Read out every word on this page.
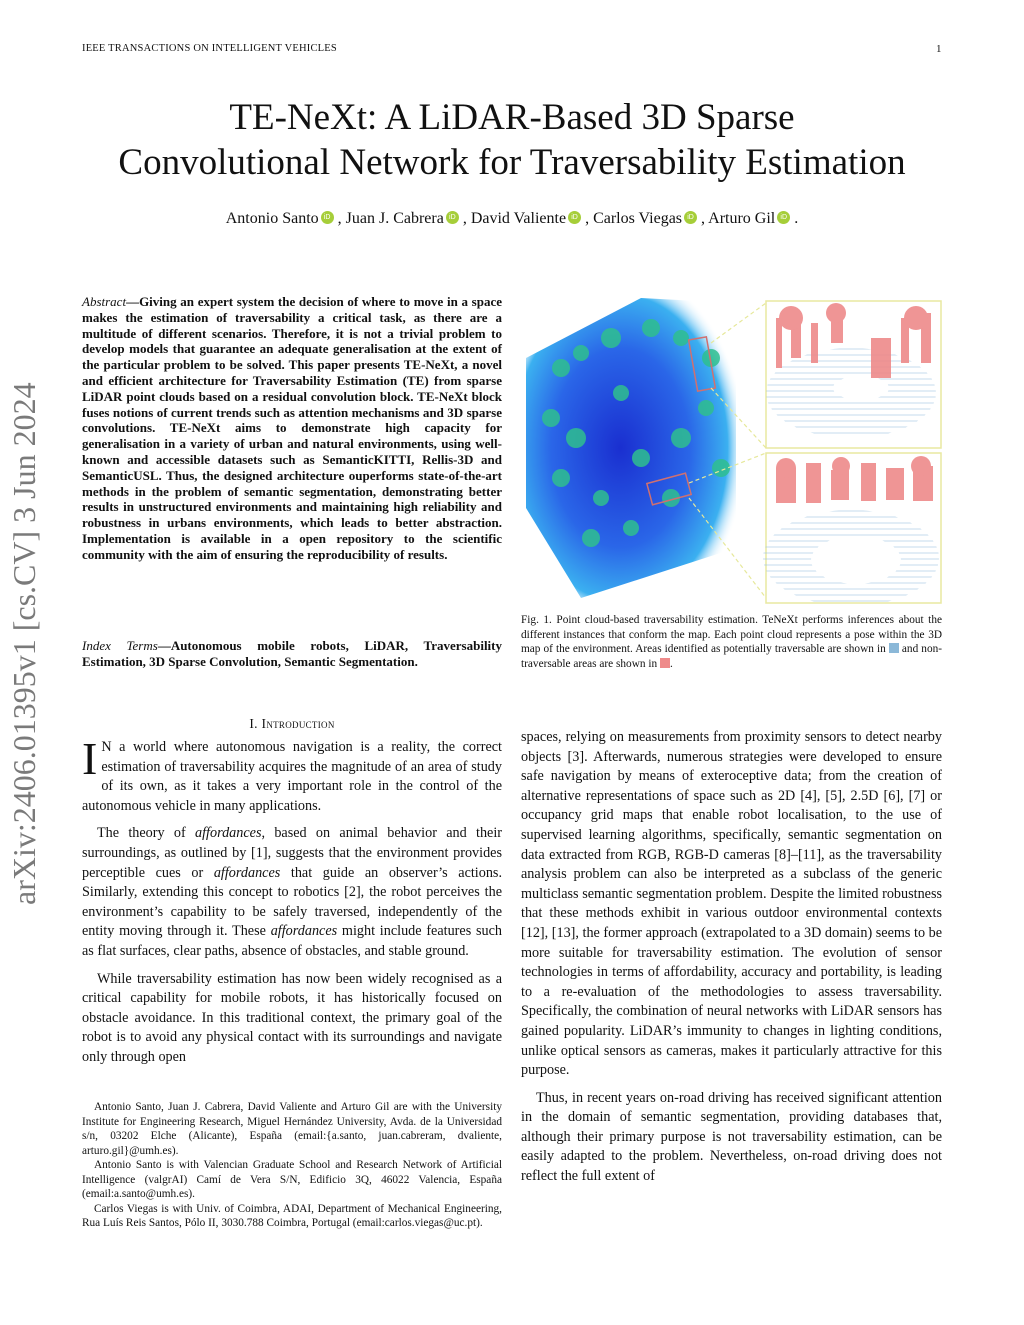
IEEE TRANSACTIONS ON INTELLIGENT VEHICLES	1
TE-NeXt: A LiDAR-Based 3D Sparse
Convolutional Network for Traversability Estimation
Antonio Santo iD , Juan J. Cabrera iD , David Valiente iD , Carlos Viegas iD , Arturo Gil iD .
arXiv:2406.01395v1 [cs.CV] 3 Jun 2024
Abstract—Giving an expert system the decision of where to move in a space makes the estimation of traversability a critical task, as there are a multitude of different scenarios. Therefore, it is not a trivial problem to develop models that guarantee an adequate generalisation at the extent of the particular problem to be solved. This paper presents TE-NeXt, a novel and efficient architecture for Traversability Estimation (TE) from sparse LiDAR point clouds based on a residual convolution block. TE-NeXt block fuses notions of current trends such as attention mechanisms and 3D sparse convolutions. TE-NeXt aims to demonstrate high capacity for generalisation in a variety of urban and natural environments, using well-known and accessible datasets such as SemanticKITTI, Rellis-3D and SemanticUSL. Thus, the designed architecture ouperforms state-of-the-art methods in the problem of semantic segmentation, demonstrating better results in unstructured environments and maintaining high reliability and robustness in urbans environments, which leads to better abstraction. Implementation is available in a open repository to the scientific community with the aim of ensuring the reproducibility of results.
Index Terms—Autonomous mobile robots, LiDAR, Traversability Estimation, 3D Sparse Convolution, Semantic Segmentation.
I. Introduction

I N a world where autonomous navigation is a reality, the correct estimation of traversability acquires the magnitude of an area of study of its own, as it takes a very important role in the control of the autonomous vehicle in many applications.

The theory of affordances, based on animal behavior and their surroundings, as outlined by [1], suggests that the environment provides perceptible cues or affordances that guide an observer’s actions. Similarly, extending this concept to robotics [2], the robot perceives the environment’s capability to be safely traversed, independently of the entity moving through it. These affordances might include features such as flat surfaces, clear paths, absence of obstacles, and stable ground.

While traversability estimation has now been widely recognised as a critical capability for mobile robots, it has historically focused on obstacle avoidance. In this traditional context, the primary goal of the robot is to avoid any physical contact with its surroundings and navigate only through open

Antonio Santo, Juan J. Cabrera, David Valiente and Arturo Gil are with the University Institute for Engineering Research, Miguel Hernández University, Avda. de la Universidad s/n, 03202 Elche (Alicante), España (email:{a.santo, juan.cabreram, dvaliente, arturo.gil}@umh.es).

Antonio Santo is with Valencian Graduate School and Research Network of Artificial Intelligence (valgrAI) Camí de Vera S/N, Edificio 3Q, 46022 Valencia, España (email:a.santo@umh.es).

Carlos Viegas is with Univ. of Coimbra, ADAI, Department of Mechanical Engineering, Rua Luís Reis Santos, Pólo II, 3030.788 Coimbra, Portugal (email:carlos.viegas@uc.pt).

Fig. 1. Point cloud-based traversability estimation. TeNeXt performs inferences about the different instances that conform the map. Each point cloud represents a pose within the 3D map of the environment. Areas identified as potentially traversable are shown in and non-traversable areas are shown in .

spaces, relying on measurements from proximity sensors to detect nearby objects [3]. Afterwards, numerous strategies were developed to ensure safe navigation by means of exteroceptive data; from the creation of alternative representations of space such as 2D [4], [5], 2.5D [6], [7] or occupancy grid maps that enable robot localisation, to the use of supervised learning algorithms, specifically, semantic segmentation on data extracted from RGB, RGB-D cameras [8]–[11], as the traversability analysis problem can also be interpreted as a subclass of the generic multiclass semantic segmentation problem. Despite the limited robustness that these methods exhibit in various outdoor environmental contexts [12], [13], the former approach (extrapolated to a 3D domain) seems to be more suitable for traversability estimation. The evolution of sensor technologies in terms of affordability, accuracy and portability, is leading to a re-evaluation of the methodologies to assess traversability. Specifically, the combination of neural networks with LiDAR sensors has gained popularity. LiDAR’s immunity to changes in lighting conditions, unlike optical sensors as cameras, makes it particularly attractive for this purpose.

Thus, in recent years on-road driving has received significant attention in the domain of semantic segmentation, providing databases that, although their primary purpose is not traversability estimation, can be easily adapted to the problem. Nevertheless, on-road driving does not reflect the full extent of
